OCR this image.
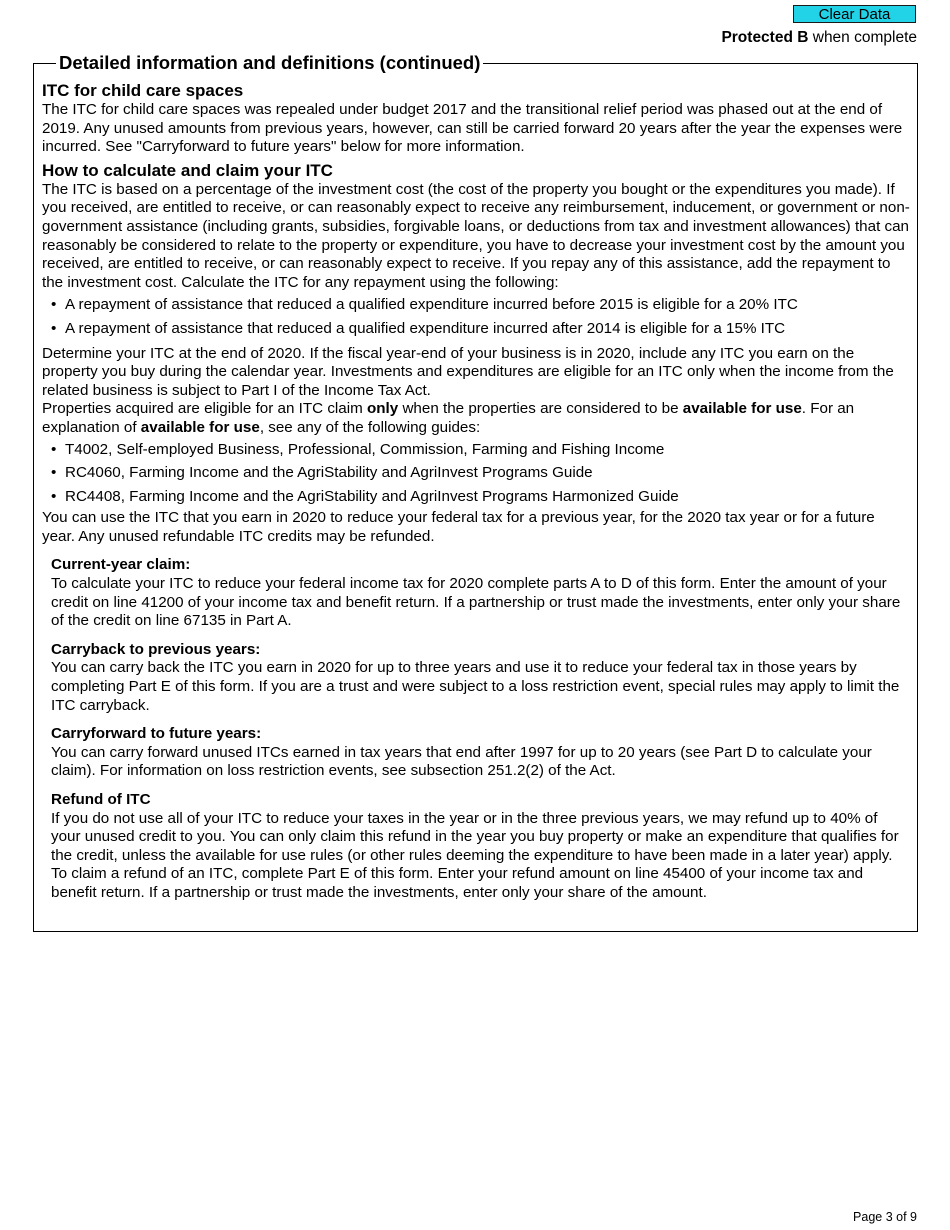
Clear Data
Protected B when complete
Detailed information and definitions (continued)
ITC for child care spaces

The ITC for child care spaces was repealed under budget 2017 and the transitional relief period was phased out at the end of 2019. Any unused amounts from previous years, however, can still be carried forward 20 years after the year the expenses were incurred. See "Carryforward to future years" below for more information.

How to calculate and claim your ITC

The ITC is based on a percentage of the investment cost (the cost of the property you bought or the expenditures you made). If you received, are entitled to receive, or can reasonably expect to receive any reimbursement, inducement, or government or non-government assistance (including grants, subsidies, forgivable loans, or deductions from tax and investment allowances) that can reasonably be considered to relate to the property or expenditure, you have to decrease your investment cost by the amount you received, are entitled to receive, or can reasonably expect to receive. If you repay any of this assistance, add the repayment to the investment cost. Calculate the ITC for any repayment using the following:

• A repayment of assistance that reduced a qualified expenditure incurred before 2015 is eligible for a 20% ITC
• A repayment of assistance that reduced a qualified expenditure incurred after 2014 is eligible for a 15% ITC

Determine your ITC at the end of 2020. If the fiscal year-end of your business is in 2020, include any ITC you earn on the property you buy during the calendar year. Investments and expenditures are eligible for an ITC only when the income from the related business is subject to Part I of the Income Tax Act.

Properties acquired are eligible for an ITC claim only when the properties are considered to be available for use. For an explanation of available for use, see any of the following guides:

• T4002, Self-employed Business, Professional, Commission, Farming and Fishing Income
• RC4060, Farming Income and the AgriStability and AgriInvest Programs Guide
• RC4408, Farming Income and the AgriStability and AgriInvest Programs Harmonized Guide

You can use the ITC that you earn in 2020 to reduce your federal tax for a previous year, for the 2020 tax year or for a future year. Any unused refundable ITC credits may be refunded.

Current-year claim:

To calculate your ITC to reduce your federal income tax for 2020 complete parts A to D of this form. Enter the amount of your credit on line 41200 of your income tax and benefit return. If a partnership or trust made the investments, enter only your share of the credit on line 67135 in Part A.

Carryback to previous years:

You can carry back the ITC you earn in 2020 for up to three years and use it to reduce your federal tax in those years by completing Part E of this form. If you are a trust and were subject to a loss restriction event, special rules may apply to limit the ITC carryback.

Carryforward to future years:

You can carry forward unused ITCs earned in tax years that end after 1997 for up to 20 years (see Part D to calculate your claim). For information on loss restriction events, see subsection 251.2(2) of the Act.

Refund of ITC

If you do not use all of your ITC to reduce your taxes in the year or in the three previous years, we may refund up to 40% of your unused credit to you. You can only claim this refund in the year you buy property or make an expenditure that qualifies for the credit, unless the available for use rules (or other rules deeming the expenditure to have been made in a later year) apply. To claim a refund of an ITC, complete Part E of this form. Enter your refund amount on line 45400 of your income tax and benefit return. If a partnership or trust made the investments, enter only your share of the amount.

Page 3 of 9
